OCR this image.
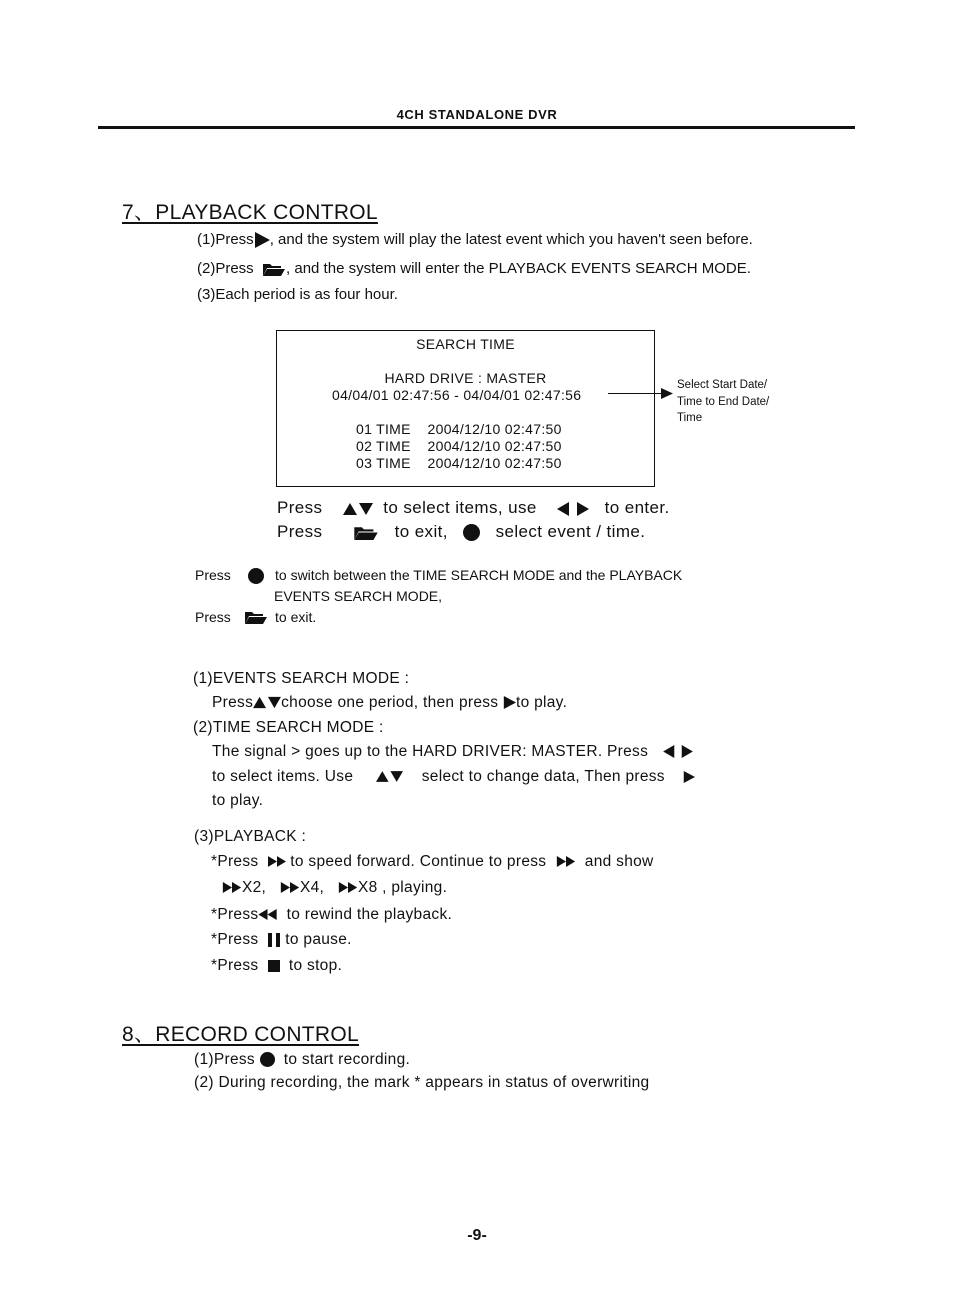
4CH STANDALONE DVR
7、PLAYBACK CONTROL
(1)Press , and the system will play the latest event which you haven't seen before.
(2)Press , and the system will enter the PLAYBACK EVENTS SEARCH MODE.
(3)Each period is as four hour.
SEARCH TIME
HARD DRIVE : MASTER
04/04/01 02:47:56 - 04/04/01 02:47:56
01 TIME 2004/12/10 02:47:50
02 TIME 2004/12/10 02:47:50
03 TIME 2004/12/10 02:47:50
Select Start Date/
Time to End Date/
Time
Press	to select items, use	to enter.
Press	to exit,	select event / time.
Press	to switch between the TIME SEARCH MODE and the PLAYBACK
EVENTS SEARCH MODE,
Press	to exit.
(1)EVENTS SEARCH MODE :
Press choose one period, then press to play.
(2)TIME SEARCH MODE :
The signal > goes up to the HARD DRIVER: MASTER. Press
to select items. Use	select to change data, Then press
to play.
(3)PLAYBACK :
*Press to speed forward. Continue to press and show
X2, X4, X8 , playing.
*Press to rewind the playback.
*Press to pause.
*Press to stop.
8、RECORD CONTROL
(1)Press to start recording.
(2) During recording, the mark * appears in status of overwriting
-9-
